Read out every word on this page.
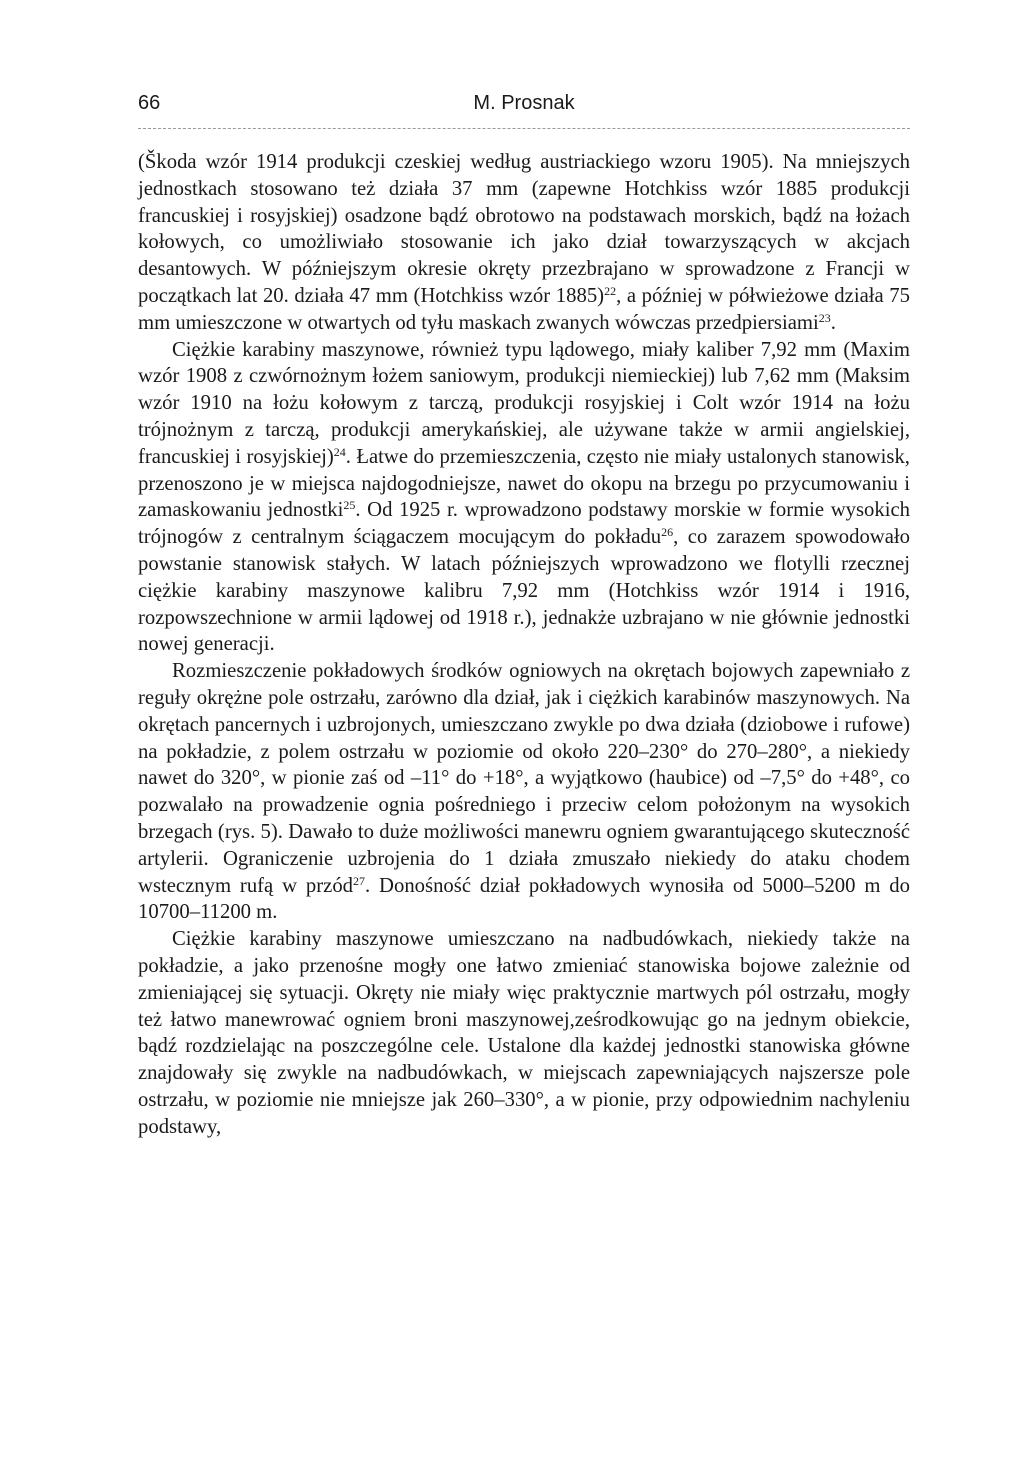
66	M. Prosnak

(Škoda wzór 1914 produkcji czeskiej według austriackiego wzoru 1905). Na mniejszych jednostkach stosowano też działa 37 mm (zapewne Hotchkiss wzór 1885 produkcji francuskiej i rosyjskiej) osadzone bądź obrotowo na podstawach morskich, bądź na łożach kołowych, co umożliwiało stosowanie ich jako dział towarzyszących w akcjach desantowych. W późniejszym okresie okręty przezbrajano w sprowadzone z Francji w początkach lat 20. działa 47 mm (Hotchkiss wzór 1885)$^{22}$, a później w półwieżowe działa 75 mm umieszczone w otwartych od tyłu maskach zwanych wówczas przedpiersiami$^{23}$.

Ciężkie karabiny maszynowe, również typu lądowego, miały kaliber 7,92 mm (Maxim wzór 1908 z czwórnożnym łożem saniowym, produkcji niemieckiej) lub 7,62 mm (Maksim wzór 1910 na łożu kołowym z tarczą, produkcji rosyjskiej i Colt wzór 1914 na łożu trójnożnym z tarczą, produkcji amerykańskiej, ale używane także w armii angielskiej, francuskiej i rosyjskiej)$^{24}$. Łatwe do przemieszczenia, często nie miały ustalonych stanowisk, przenoszono je w miejsca najdogodniejsze, nawet do okopu na brzegu po przycumowaniu i zamaskowaniu jednostki$^{25}$. Od 1925 r. wprowadzono podstawy morskie w formie wysokich trójnogów z centralnym ściągaczem mocującym do pokładu$^{26}$, co zarazem spowodowało powstanie stanowisk stałych. W latach późniejszych wprowadzono we flotylli rzecznej ciężkie karabiny maszynowe kalibru 7,92 mm (Hotchkiss wzór 1914 i 1916, rozpowszechnione w armii lądowej od 1918 r.), jednakże uzbrajano w nie głównie jednostki nowej generacji.

Rozmieszczenie pokładowych środków ogniowych na okrętach bojowych zapewniało z reguły okrężne pole ostrzału, zarówno dla dział, jak i ciężkich karabinów maszynowych. Na okrętach pancernych i uzbrojonych, umieszczano zwykle po dwa działa (dziobowe i rufowe) na pokładzie, z polem ostrzału w poziomie od około 220–230° do 270–280°, a niekiedy nawet do 320°, w pionie zaś od –11° do +18°, a wyjątkowo (haubice) od –7,5° do +48°, co pozwalało na prowadzenie ognia pośredniego i przeciw celom położonym na wysokich brzegach (rys. 5). Dawało to duże możliwości manewru ogniem gwarantującego skuteczność artylerii. Ograniczenie uzbrojenia do 1 działa zmuszało niekiedy do ataku chodem wstecznym rufą w przód$^{27}$. Donośność dział pokładowych wynosiła od 5000–5200 m do 10700–11200 m.

Ciężkie karabiny maszynowe umieszczano na nadbudówkach, niekiedy także na pokładzie, a jako przenośne mogły one łatwo zmieniać stanowiska bojowe zależnie od zmieniającej się sytuacji. Okręty nie miały więc praktycznie martwych pól ostrzału, mogły też łatwo manewrować ogniem broni maszynowej,ześrodkowując go na jednym obiekcie, bądź rozdzielając na poszczególne cele. Ustalone dla każdej jednostki stanowiska główne znajdowały się zwykle na nadbudówkach, w miejscach zapewniających najszersze pole ostrzału, w poziomie nie mniejsze jak 260–330°, a w pionie, przy odpowiednim nachyleniu podstawy,
